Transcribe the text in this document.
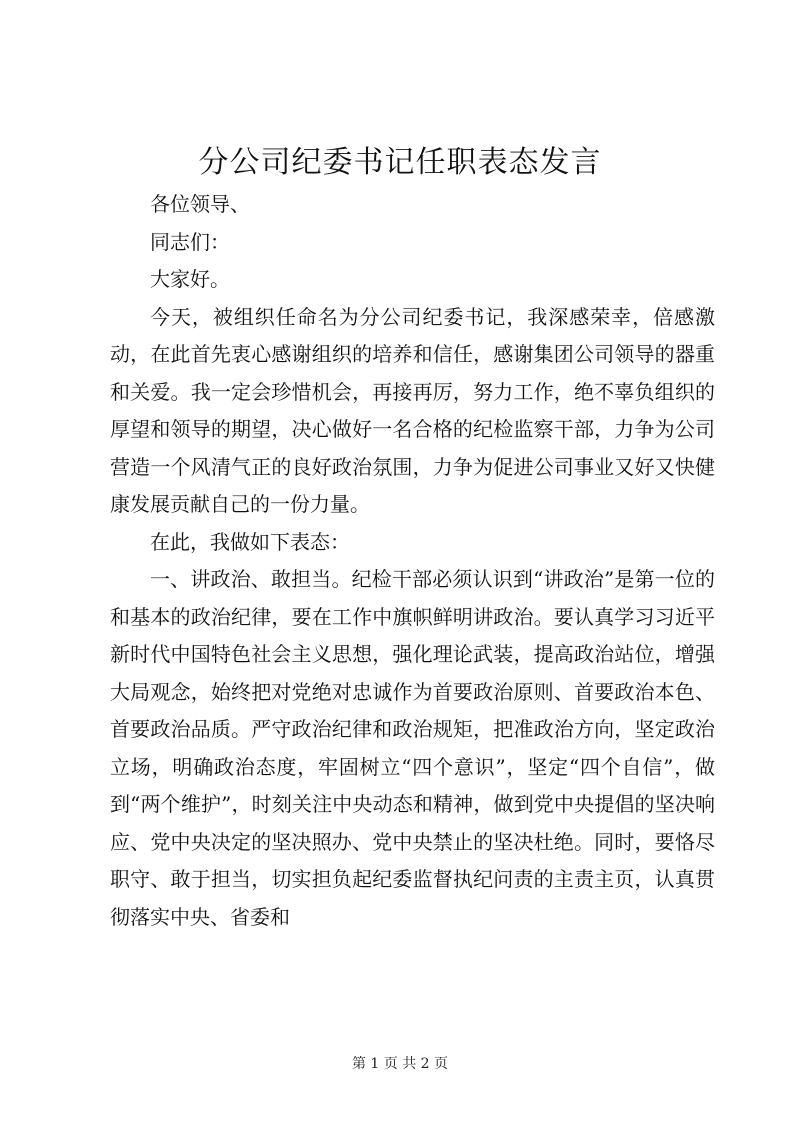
分公司纪委书记任职表态发言

各位领导、

同志们：

大家好。

今天，被组织任命名为分公司纪委书记，我深感荣幸，倍感激动，在此首先衷心感谢组织的培养和信任，感谢集团公司领导的器重和关爱。我一定会珍惜机会，再接再厉，努力工作，绝不辜负组织的厚望和领导的期望，决心做好一名合格的纪检监察干部，力争为公司营造一个风清气正的良好政治氛围，力争为促进公司事业又好又快健康发展贡献自己的一份力量。

在此，我做如下表态：

一、讲政治、敢担当。纪检干部必须认识到“讲政治”是第一位的和基本的政治纪律，要在工作中旗帜鲜明讲政治。要认真学习习近平新时代中国特色社会主义思想，强化理论武装，提高政治站位，增强大局观念，始终把对党绝对忠诚作为首要政治原则、首要政治本色、首要政治品质。严守政治纪律和政治规矩，把准政治方向，坚定政治立场，明确政治态度，牢固树立“四个意识”，坚定“四个自信”，做到“两个维护”，时刻关注中央动态和精神，做到党中央提倡的坚决响应、党中央决定的坚决照办、党中央禁止的坚决杜绝。同时，要恪尽职守、敢于担当，切实担负起纪委监督执纪问责的主责主页，认真贯彻落实中央、省委和

第 1 页 共 2 页
